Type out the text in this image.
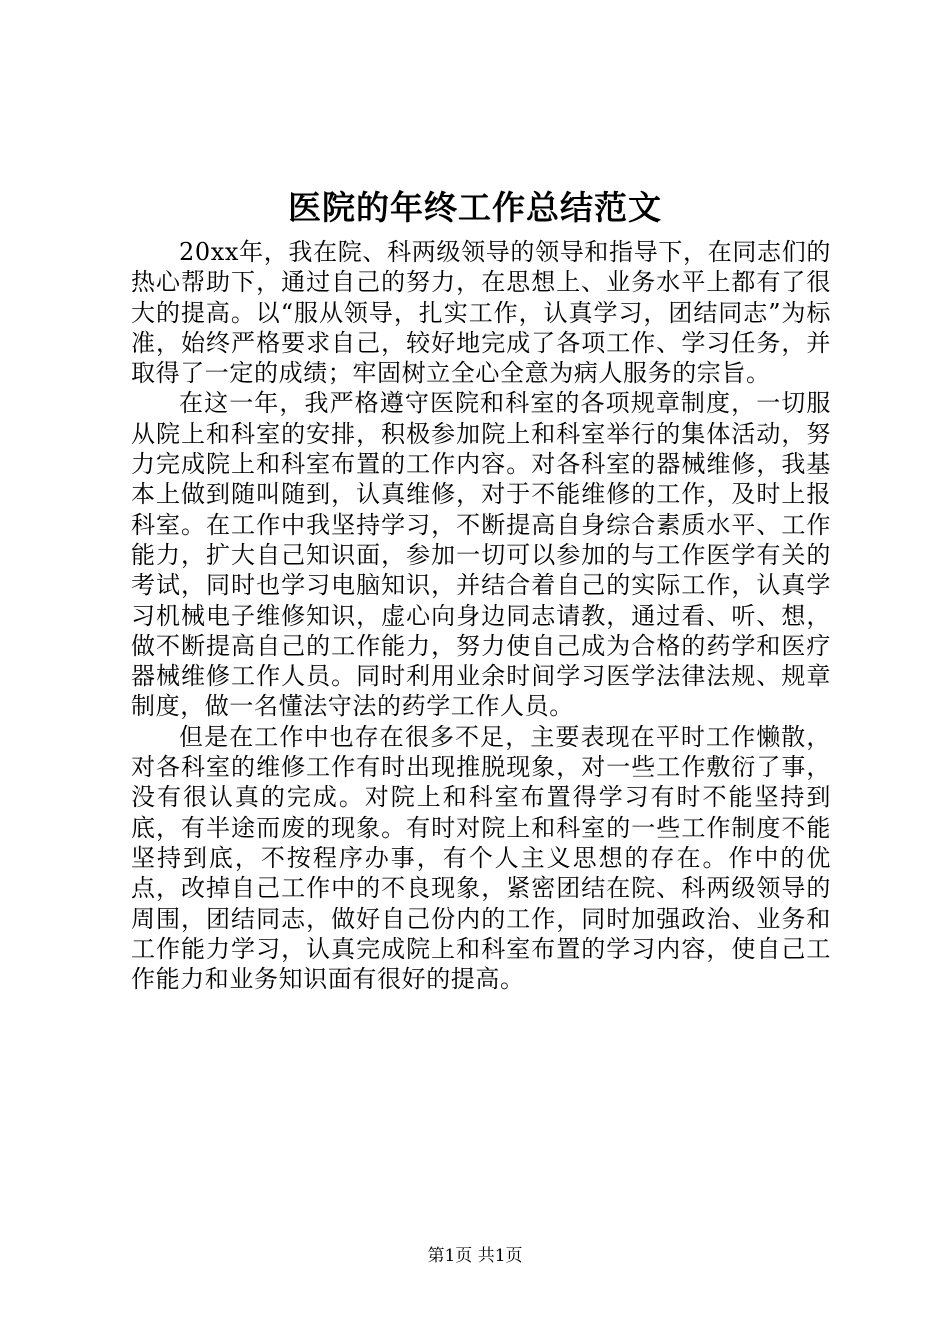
医院的年终工作总结范文

20xx年，我在院、科两级领导的领导和指导下，在同志们的热心帮助下，通过自己的努力，在思想上、业务水平上都有了很大的提高。以“服从领导，扎实工作，认真学习，团结同志”为标准，始终严格要求自己，较好地完成了各项工作、学习任务，并取得了一定的成绩；牢固树立全心全意为病人服务的宗旨。

在这一年，我严格遵守医院和科室的各项规章制度，一切服从院上和科室的安排，积极参加院上和科室举行的集体活动，努力完成院上和科室布置的工作内容。对各科室的器械维修，我基本上做到随叫随到，认真维修，对于不能维修的工作，及时上报科室。在工作中我坚持学习，不断提高自身综合素质水平、工作能力，扩大自己知识面，参加一切可以参加的与工作医学有关的考试，同时也学习电脑知识，并结合着自己的实际工作，认真学习机械电子维修知识，虚心向身边同志请教，通过看、听、想，做不断提高自己的工作能力，努力使自己成为合格的药学和医疗器械维修工作人员。同时利用业余时间学习医学法律法规、规章制度，做一名懂法守法的药学工作人员。

但是在工作中也存在很多不足，主要表现在平时工作懒散，对各科室的维修工作有时出现推脱现象，对一些工作敷衍了事，没有很认真的完成。对院上和科室布置得学习有时不能坚持到底，有半途而废的现象。有时对院上和科室的一些工作制度不能坚持到底，不按程序办事，有个人主义思想的存在。作中的优点，改掉自己工作中的不良现象，紧密团结在院、科两级领导的周围，团结同志，做好自己份内的工作，同时加强政治、业务和工作能力学习，认真完成院上和科室布置的学习内容，使自己工作能力和业务知识面有很好的提高。

第1页 共1页
